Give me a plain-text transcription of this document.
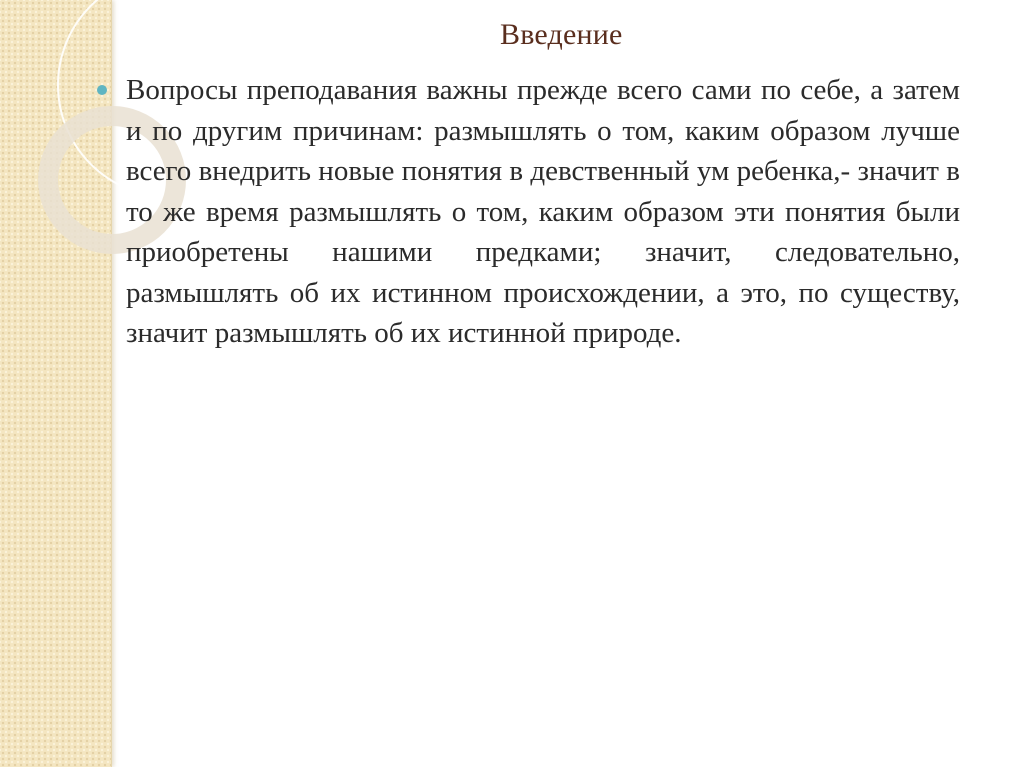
Введение

Вопросы преподавания важны прежде всего сами по себе, а затем и по другим причинам: размышлять о том, каким образом лучше всего внедрить новые понятия в девственный ум ребенка,- значит в то же время размышлять о том, каким образом эти понятия были приобретены нашими предками; значит, следовательно, размышлять об их истинном происхождении, а это, по существу, значит размышлять об их истинной природе.
